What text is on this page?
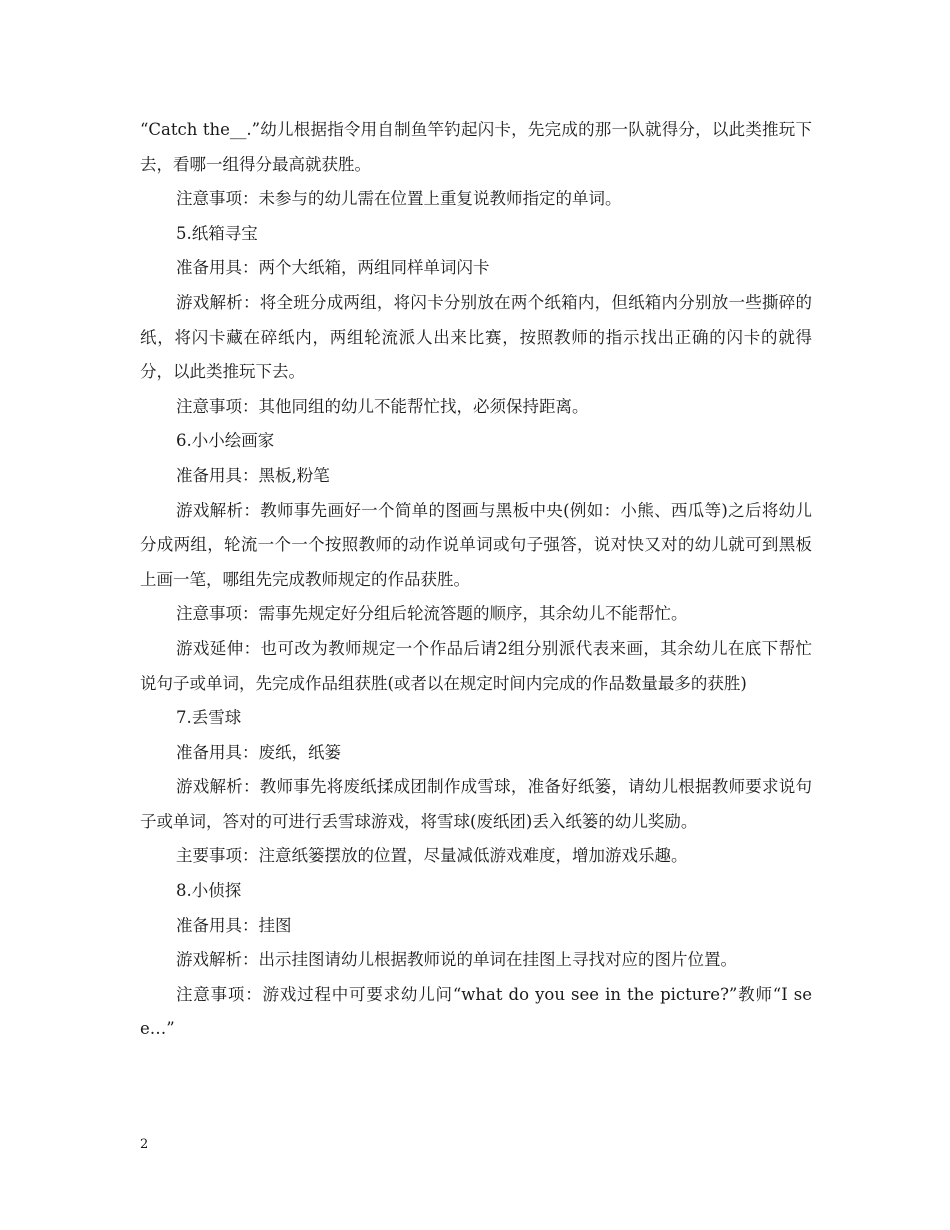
“Catch the__.”幼儿根据指令用自制鱼竿钓起闪卡，先完成的那一队就得分，以此类推玩下去，看哪一组得分最高就获胜。

注意事项：未参与的幼儿需在位置上重复说教师指定的单词。

5.纸箱寻宝

准备用具：两个大纸箱，两组同样单词闪卡

游戏解析：将全班分成两组，将闪卡分别放在两个纸箱内，但纸箱内分别放一些撕碎的纸，将闪卡藏在碎纸内，两组轮流派人出来比赛，按照教师的指示找出正确的闪卡的就得分，以此类推玩下去。

注意事项：其他同组的幼儿不能帮忙找，必须保持距离。

6.小小绘画家

准备用具：黑板,粉笔

游戏解析：教师事先画好一个简单的图画与黑板中央(例如：小熊、西瓜等)之后将幼儿分成两组，轮流一个一个按照教师的动作说单词或句子强答，说对快又对的幼儿就可到黑板上画一笔，哪组先完成教师规定的作品获胜。

注意事项：需事先规定好分组后轮流答题的顺序，其余幼儿不能帮忙。

游戏延伸：也可改为教师规定一个作品后请2组分别派代表来画，其余幼儿在底下帮忙说句子或单词，先完成作品组获胜(或者以在规定时间内完成的作品数量最多的获胜)

7.丢雪球

准备用具：废纸，纸篓

游戏解析：教师事先将废纸揉成团制作成雪球，准备好纸篓，请幼儿根据教师要求说句子或单词，答对的可进行丢雪球游戏，将雪球(废纸团)丢入纸篓的幼儿奖励。

主要事项：注意纸篓摆放的位置，尽量减低游戏难度，增加游戏乐趣。

8.小侦探

准备用具：挂图

游戏解析：出示挂图请幼儿根据教师说的单词在挂图上寻找对应的图片位置。

注意事项：游戏过程中可要求幼儿问“what do you see in the picture?”教师“I see…”

2
